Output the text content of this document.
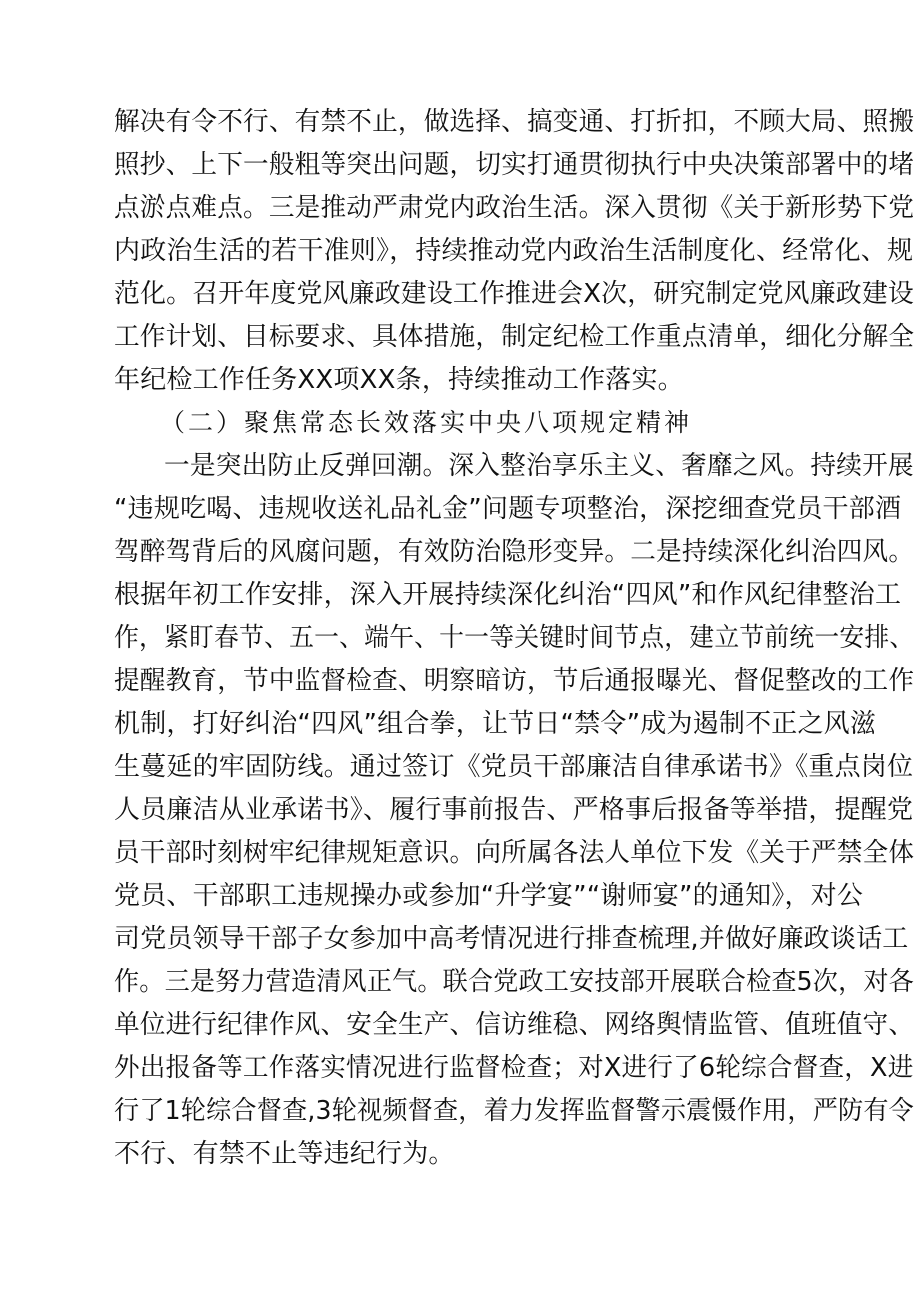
解决有令不行、有禁不止，做选择、搞变通、打折扣，不顾大局、照搬
照抄、上下一般粗等突出问题，切实打通贯彻执行中央决策部署中的堵
点淤点难点。三是推动严肃党内政治生活。深入贯彻《关于新形势下党
内政治生活的若干准则》，持续推动党内政治生活制度化、经常化、规
范化。召开年度党风廉政建设工作推进会X次，研究制定党风廉政建设
工作计划、目标要求、具体措施，制定纪检工作重点清单，细化分解全
年纪检工作任务XX项XX条，持续推动工作落实。
（二）聚焦常态长效落实中央八项规定精神
一是突出防止反弹回潮。深入整治享乐主义、奢靡之风。持续开展
“违规吃喝、违规收送礼品礼金”问题专项整治，深挖细查党员干部酒
驾醉驾背后的风腐问题，有效防治隐形变异。二是持续深化纠治四风。
根据年初工作安排，深入开展持续深化纠治“四风”和作风纪律整治工
作，紧盯春节、五一、端午、十一等关键时间节点，建立节前统一安排、
提醒教育，节中监督检查、明察暗访，节后通报曝光、督促整改的工作
机制，打好纠治“四风”组合拳，让节日“禁令”成为遏制不正之风滋
生蔓延的牢固防线。通过签订《党员干部廉洁自律承诺书》《重点岗位
人员廉洁从业承诺书》、履行事前报告、严格事后报备等举措，提醒党
员干部时刻树牢纪律规矩意识。向所属各法人单位下发《关于严禁全体
党员、干部职工违规操办或参加“升学宴”“谢师宴”的通知》，对公
司党员领导干部子女参加中高考情况进行排查梳理,并做好廉政谈话工
作。三是努力营造清风正气。联合党政工安技部开展联合检查5次，对各
单位进行纪律作风、安全生产、信访维稳、网络舆情监管、值班值守、
外出报备等工作落实情况进行监督检查；对X进行了6轮综合督查，X进
行了1轮综合督查,3轮视频督查，着力发挥监督警示震慑作用，严防有令
不行、有禁不止等违纪行为。
